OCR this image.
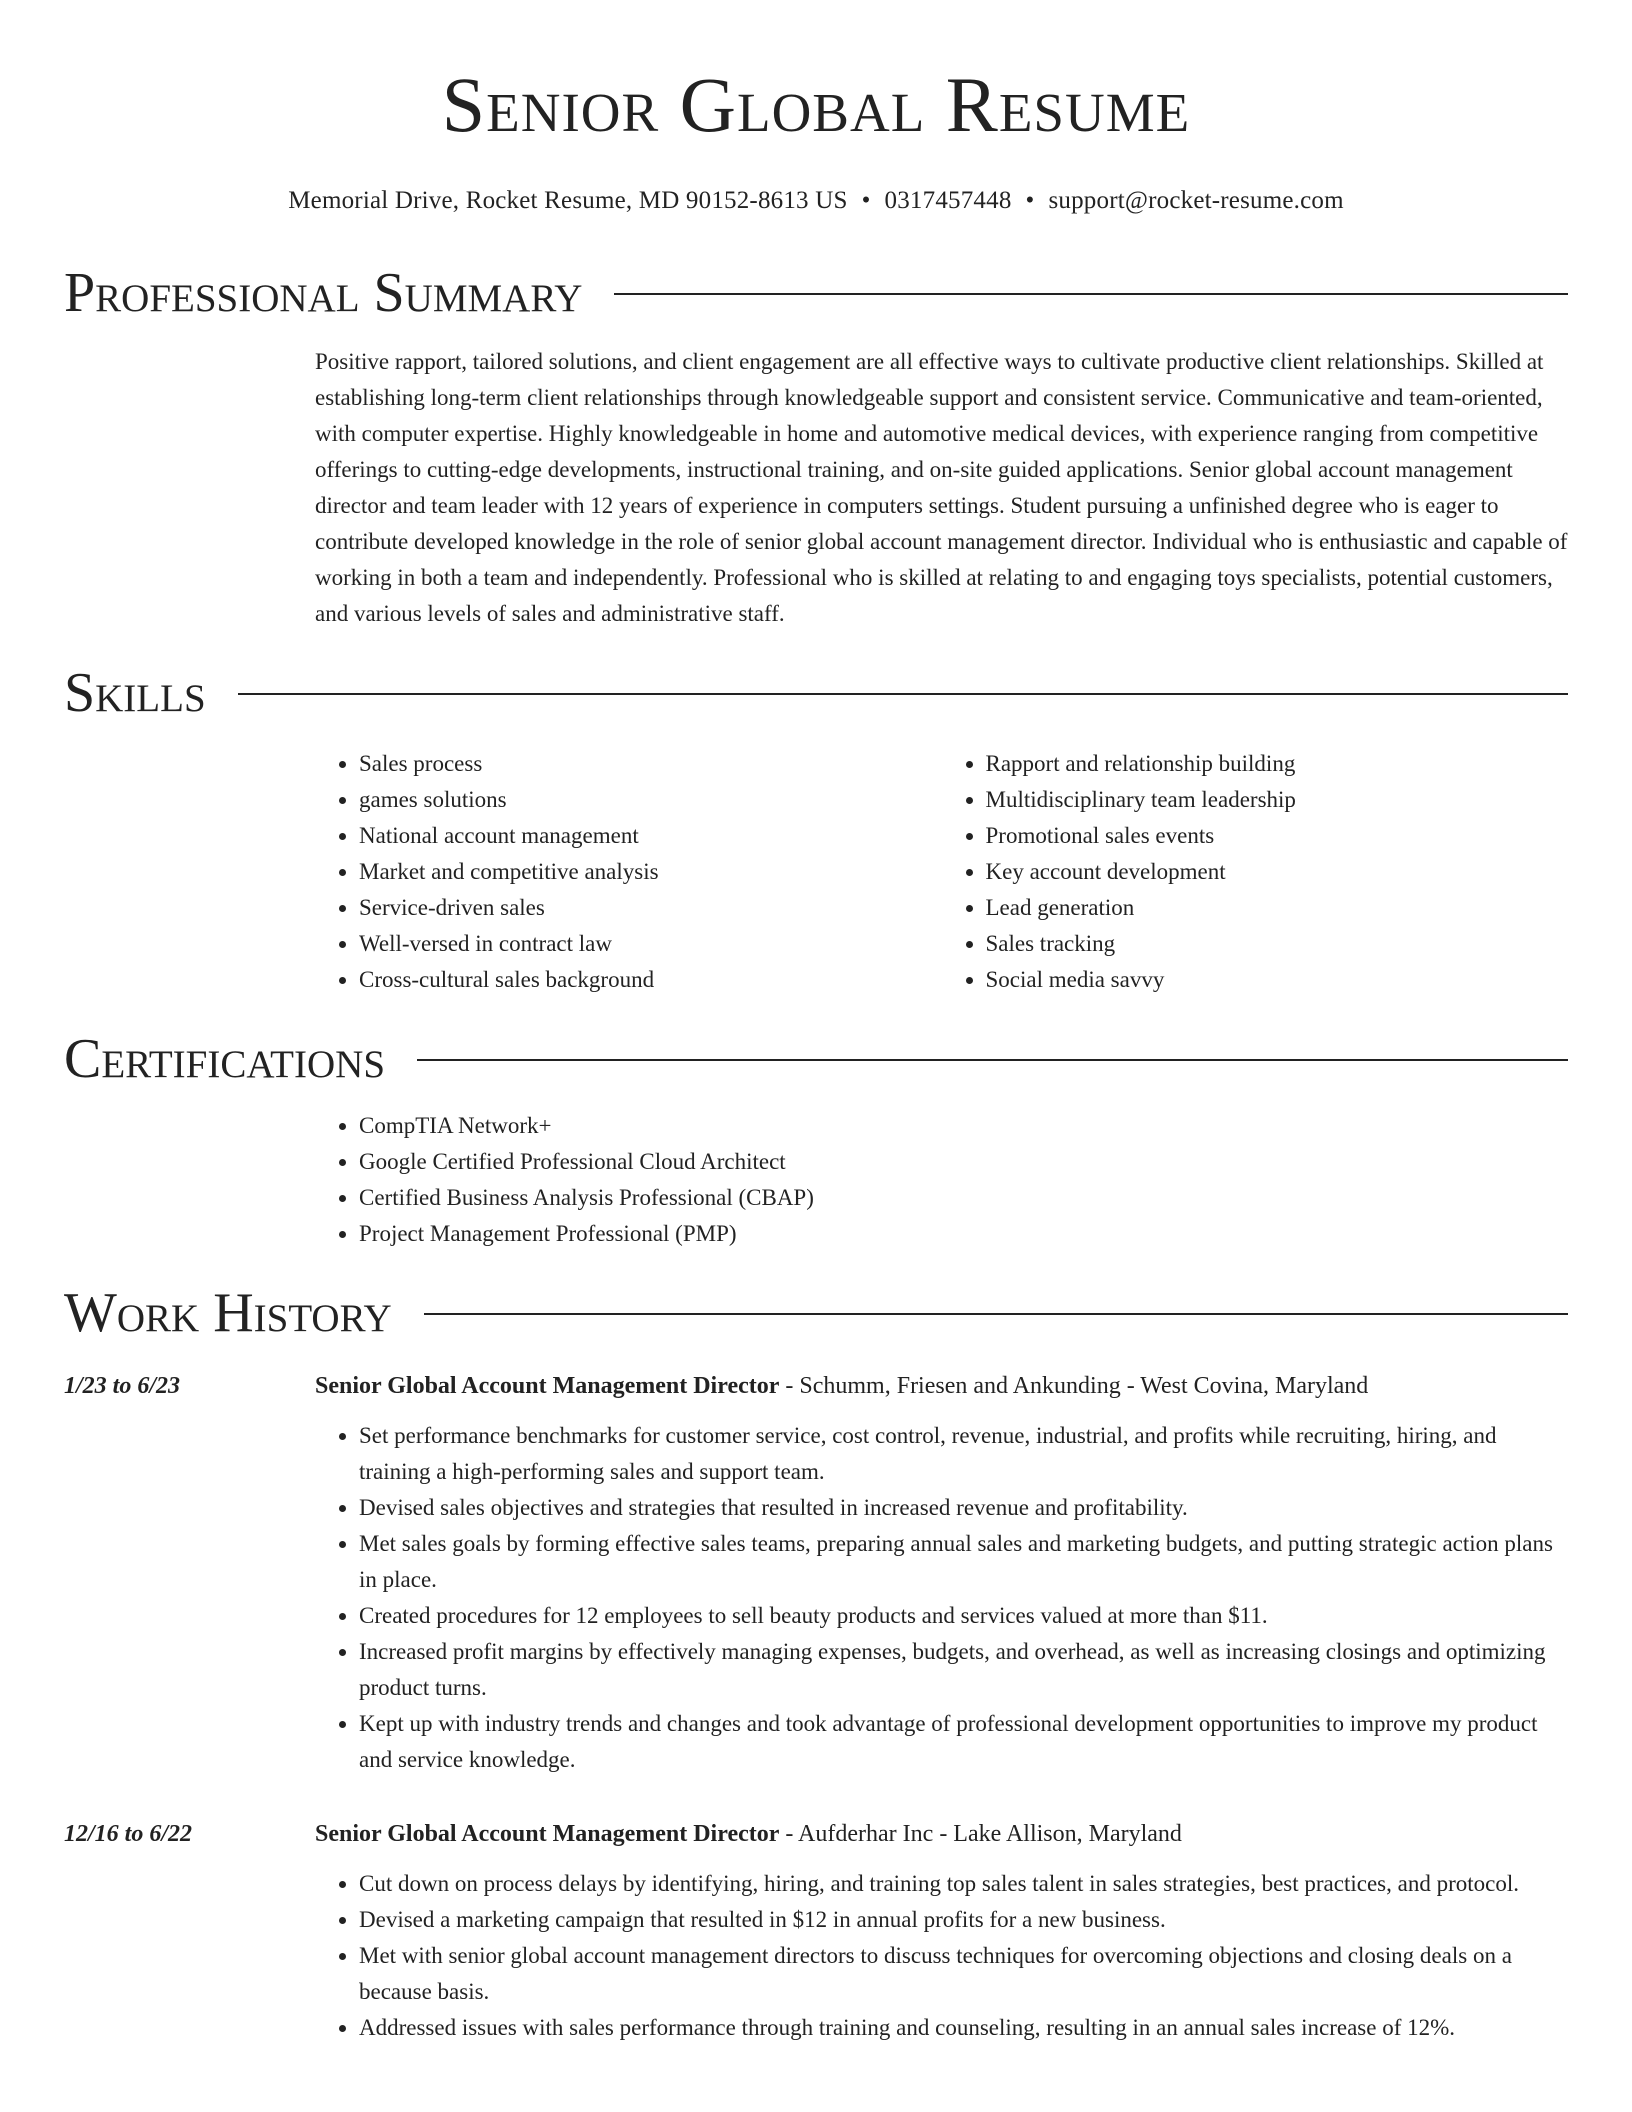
Senior Global Resume
Memorial Drive, Rocket Resume, MD 90152-8613 US • 0317457448 • support@rocket-resume.com
Professional Summary

Positive rapport, tailored solutions, and client engagement are all effective ways to cultivate productive client relationships. Skilled at establishing long-term client relationships through knowledgeable support and consistent service. Communicative and team-oriented, with computer expertise. Highly knowledgeable in home and automotive medical devices, with experience ranging from competitive offerings to cutting-edge developments, instructional training, and on-site guided applications. Senior global account management director and team leader with 12 years of experience in computers settings. Student pursuing a unfinished degree who is eager to contribute developed knowledge in the role of senior global account management director. Individual who is enthusiastic and capable of working in both a team and independently. Professional who is skilled at relating to and engaging toys specialists, potential customers, and various levels of sales and administrative staff.

Skills
• Sales process
• games solutions
• National account management
• Market and competitive analysis
• Service-driven sales
• Well-versed in contract law
• Cross-cultural sales background
• Rapport and relationship building
• Multidisciplinary team leadership
• Promotional sales events
• Key account development
• Lead generation
• Sales tracking
• Social media savvy
Certifications
• CompTIA Network+
• Google Certified Professional Cloud Architect
• Certified Business Analysis Professional (CBAP)
• Project Management Professional (PMP)
Work History
1/23 to 6/23	Senior Global Account Management Director - Schumm, Friesen and Ankunding - West Covina, Maryland
• Set performance benchmarks for customer service, cost control, revenue, industrial, and profits while recruiting, hiring, and training a high-performing sales and support team.
• Devised sales objectives and strategies that resulted in increased revenue and profitability.
• Met sales goals by forming effective sales teams, preparing annual sales and marketing budgets, and putting strategic action plans in place.
• Created procedures for 12 employees to sell beauty products and services valued at more than $11.
• Increased profit margins by effectively managing expenses, budgets, and overhead, as well as increasing closings and optimizing product turns.
• Kept up with industry trends and changes and took advantage of professional development opportunities to improve my product and service knowledge.
12/16 to 6/22	Senior Global Account Management Director - Aufderhar Inc - Lake Allison, Maryland
• Cut down on process delays by identifying, hiring, and training top sales talent in sales strategies, best practices, and protocol.
• Devised a marketing campaign that resulted in $12 in annual profits for a new business.
• Met with senior global account management directors to discuss techniques for overcoming objections and closing deals on a because basis.
• Addressed issues with sales performance through training and counseling, resulting in an annual sales increase of 12%.
